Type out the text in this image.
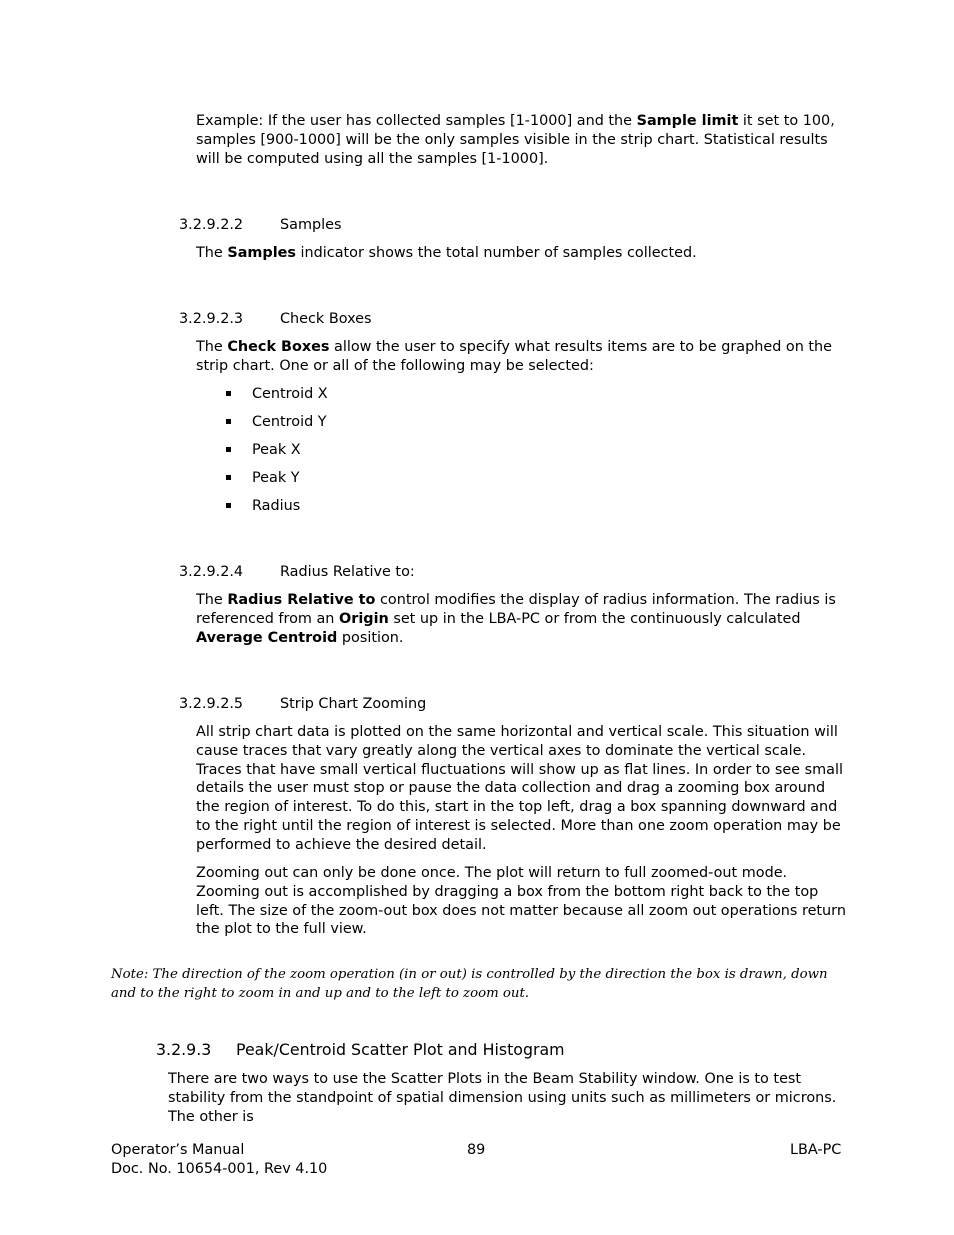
Example: If the user has collected samples [1-1000] and the Sample limit it set to 100, samples [900-1000] will be the only samples visible in the strip chart. Statistical results will be computed using all the samples [1-1000].

3.2.9.2.2	Samples

The Samples indicator shows the total number of samples collected.

3.2.9.2.3	Check Boxes

The Check Boxes allow the user to specify what results items are to be graphed on the strip chart. One or all of the following may be selected:

Centroid X
Centroid Y
Peak X
Peak Y
Radius
3.2.9.2.4	Radius Relative to:

The Radius Relative to control modifies the display of radius information. The radius is referenced from an Origin set up in the LBA-PC or from the continuously calculated Average Centroid position.

3.2.9.2.5	Strip Chart Zooming

All strip chart data is plotted on the same horizontal and vertical scale. This situation will cause traces that vary greatly along the vertical axes to dominate the vertical scale. Traces that have small vertical fluctuations will show up as flat lines. In order to see small details the user must stop or pause the data collection and drag a zooming box around the region of interest. To do this, start in the top left, drag a box spanning downward and to the right until the region of interest is selected. More than one zoom operation may be performed to achieve the desired detail.

Zooming out can only be done once. The plot will return to full zoomed-out mode. Zooming out is accomplished by dragging a box from the bottom right back to the top left. The size of the zoom-out box does not matter because all zoom out operations return the plot to the full view.

Note: The direction of the zoom operation (in or out) is controlled by the direction the box is drawn, down and to the right to zoom in and up and to the left to zoom out.

3.2.9.3 Peak/Centroid Scatter Plot and Histogram

There are two ways to use the Scatter Plots in the Beam Stability window. One is to test stability from the standpoint of spatial dimension using units such as millimeters or microns. The other is

Operator’s Manual
Doc. No. 10654-001, Rev 4.10
89	LBA-PC
